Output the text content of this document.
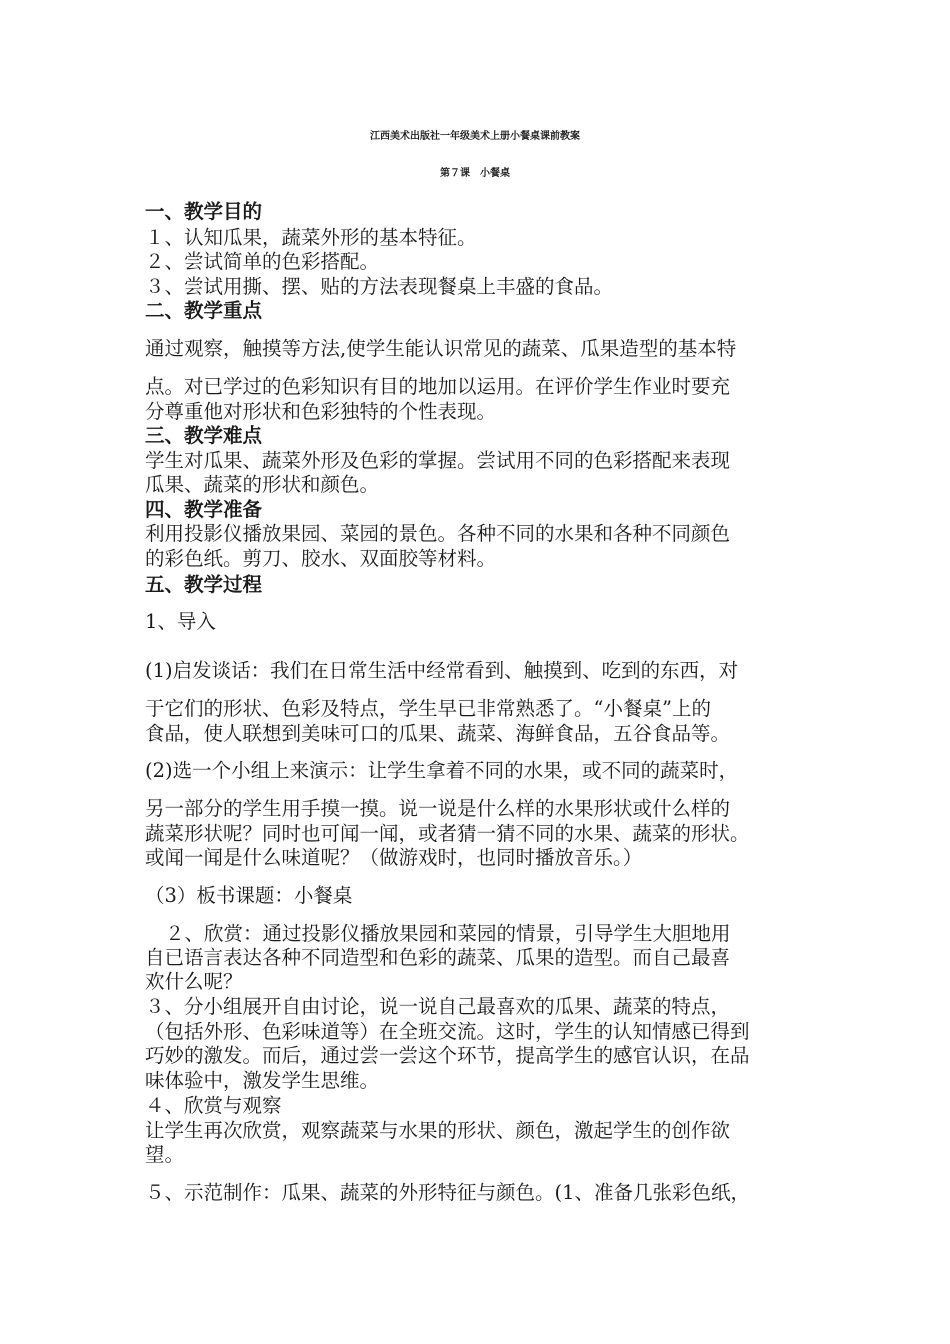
江西美术出版社一年级美术上册小餐桌课前教案
第７课　小餐桌
一、教学目的
１、认知瓜果，蔬菜外形的基本特征。
２、尝试简单的色彩搭配。
３、尝试用撕、摆、贴的方法表现餐桌上丰盛的食品。
二、教学重点
通过观察，触摸等方法,使学生能认识常见的蔬菜、瓜果造型的基本特
点。对已学过的色彩知识有目的地加以运用。在评价学生作业时要充
分尊重他对形状和色彩独特的个性表现。
三、教学难点
学生对瓜果、蔬菜外形及色彩的掌握。尝试用不同的色彩搭配来表现
瓜果、蔬菜的形状和颜色。
四、教学准备
利用投影仪播放果园、菜园的景色。各种不同的水果和各种不同颜色
的彩色纸。剪刀、胶水、双面胶等材料。
五、教学过程
1、导入
(1)启发谈话：我们在日常生活中经常看到、触摸到、吃到的东西，对
于它们的形状、色彩及特点，学生早已非常熟悉了。“小餐桌”上的
食品，使人联想到美味可口的瓜果、蔬菜、海鲜食品，五谷食品等。
(2)选一个小组上来演示：让学生拿着不同的水果，或不同的蔬菜时，
另一部分的学生用手摸一摸。说一说是什么样的水果形状或什么样的
蔬菜形状呢？同时也可闻一闻，或者猜一猜不同的水果、蔬菜的形状。
或闻一闻是什么味道呢？（做游戏时，也同时播放音乐。）
（3）板书课题：小餐桌
２、欣赏：通过投影仪播放果园和菜园的情景，引导学生大胆地用
自已语言表达各种不同造型和色彩的蔬菜、瓜果的造型。而自己最喜
欢什么呢？
３、分小组展开自由讨论，说一说自己最喜欢的瓜果、蔬菜的特点，
（包括外形、色彩味道等）在全班交流。这时，学生的认知情感已得到
巧妙的激发。而后，通过尝一尝这个环节，提高学生的感官认识，在品
味体验中，激发学生思维。
４、欣赏与观察
让学生再次欣赏，观察蔬菜与水果的形状、颜色，激起学生的创作欲
望。
５、示范制作：瓜果、蔬菜的外形特征与颜色。(1、准备几张彩色纸，
